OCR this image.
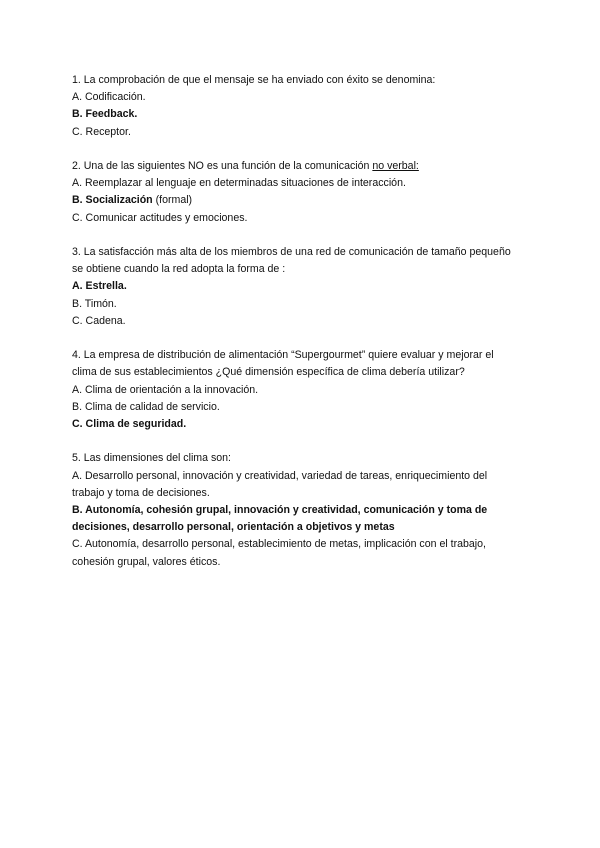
1. La comprobación de que el mensaje se ha enviado con éxito se denomina:
A. Codificación.
B. Feedback.
C. Receptor.
2. Una de las siguientes NO es una función de la comunicación no verbal:
A. Reemplazar al lenguaje en determinadas situaciones de interacción.
B. Socialización (formal)
C. Comunicar actitudes y emociones.
3. La satisfacción más alta de los miembros de una red de comunicación de tamaño pequeño
se obtiene cuando la red adopta la forma de :
A. Estrella.
B. Timón.
C. Cadena.
4. La empresa de distribución de alimentación “Supergourmet” quiere evaluar y mejorar el
clima de sus establecimientos ¿Qué dimensión específica de clima debería utilizar?
A. Clima de orientación a la innovación.
B. Clima de calidad de servicio.
C. Clima de seguridad.
5. Las dimensiones del clima son:
A. Desarrollo personal, innovación y creatividad, variedad de tareas, enriquecimiento del
trabajo y toma de decisiones.
B. Autonomía, cohesión grupal, innovación y creatividad, comunicación y toma de
decisiones, desarrollo personal, orientación a objetivos y metas
C. Autonomía, desarrollo personal, establecimiento de metas, implicación con el trabajo,
cohesión grupal, valores éticos.
